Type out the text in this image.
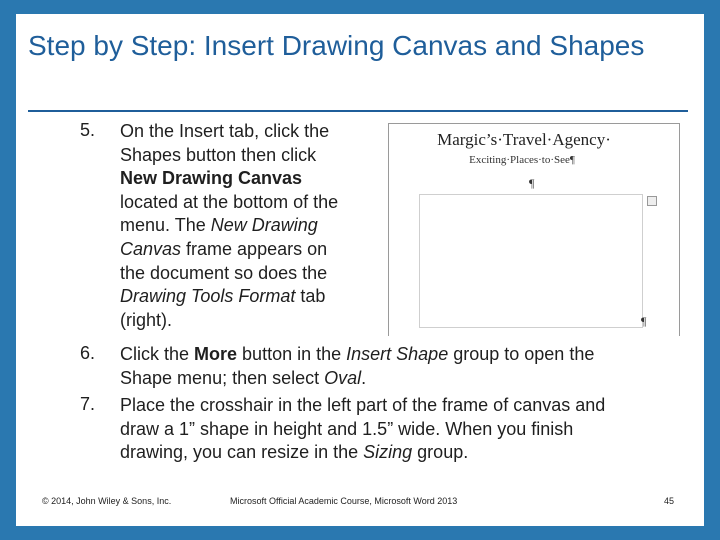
Step by Step: Insert Drawing Canvas and Shapes
5. On the Insert tab, click the
Shapes button then click
New Drawing Canvas
located at the bottom of the
menu. The New Drawing
Canvas frame appears on
the document so does the
Drawing Tools Format tab
(right).
Margic’s·Travel·Agency·
Exciting·Places·to·See¶
¶
¶
6. Click the More button in the Insert Shape group to open the
Shape menu; then select Oval.
7. Place the crosshair in the left part of the frame of canvas and
draw a 1” shape in height and 1.5” wide. When you finish
drawing, you can resize in the Sizing group.
© 2014, John Wiley & Sons, Inc.	Microsoft Official Academic Course, Microsoft Word 2013	45
